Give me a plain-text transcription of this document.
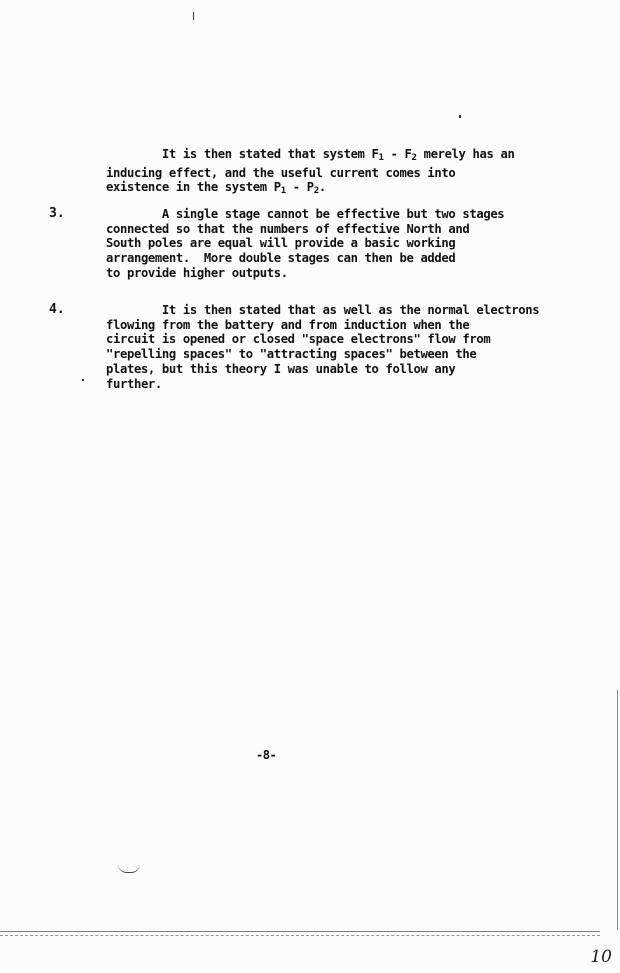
It is then stated that system $F_1 - F_2$ merely has an
inducing effect, and the useful current comes into
existence in the system $P_1 - P_2$.
3.	A single stage cannot be effective but two stages
connected so that the numbers of effective North and
South poles are equal will provide a basic working
arrangement.  More double stages can then be added
to provide higher outputs.
4.	It is then stated that as well as the normal electrons
flowing from the battery and from induction when the
circuit is opened or closed "space electrons" flow from
"repelling spaces" to "attracting spaces" between the
plates, but this theory I was unable to follow any
further.
-8-
10
